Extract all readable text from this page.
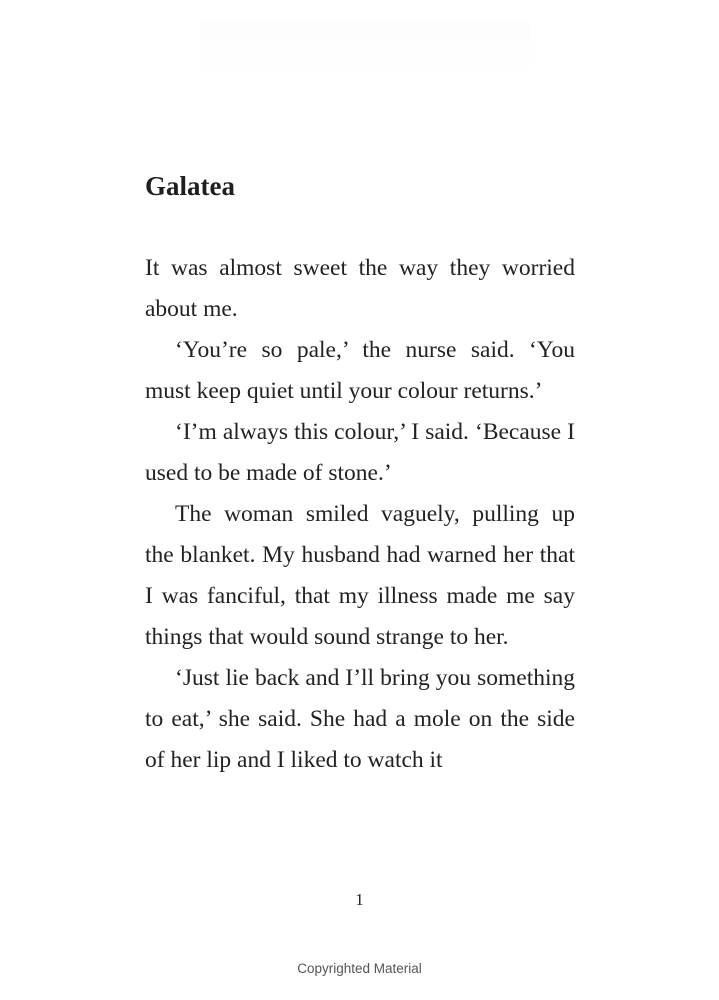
Galatea

It was almost sweet the way they worried about me.

‘You’re so pale,’ the nurse said. ‘You must keep quiet until your colour returns.’

‘I’m always this colour,’ I said. ‘Because I used to be made of stone.’

The woman smiled vaguely, pulling up the blanket. My husband had warned her that I was fanciful, that my illness made me say things that would sound strange to her.

‘Just lie back and I’ll bring you something to eat,’ she said. She had a mole on the side of her lip and I liked to watch it

1
Copyrighted Material
